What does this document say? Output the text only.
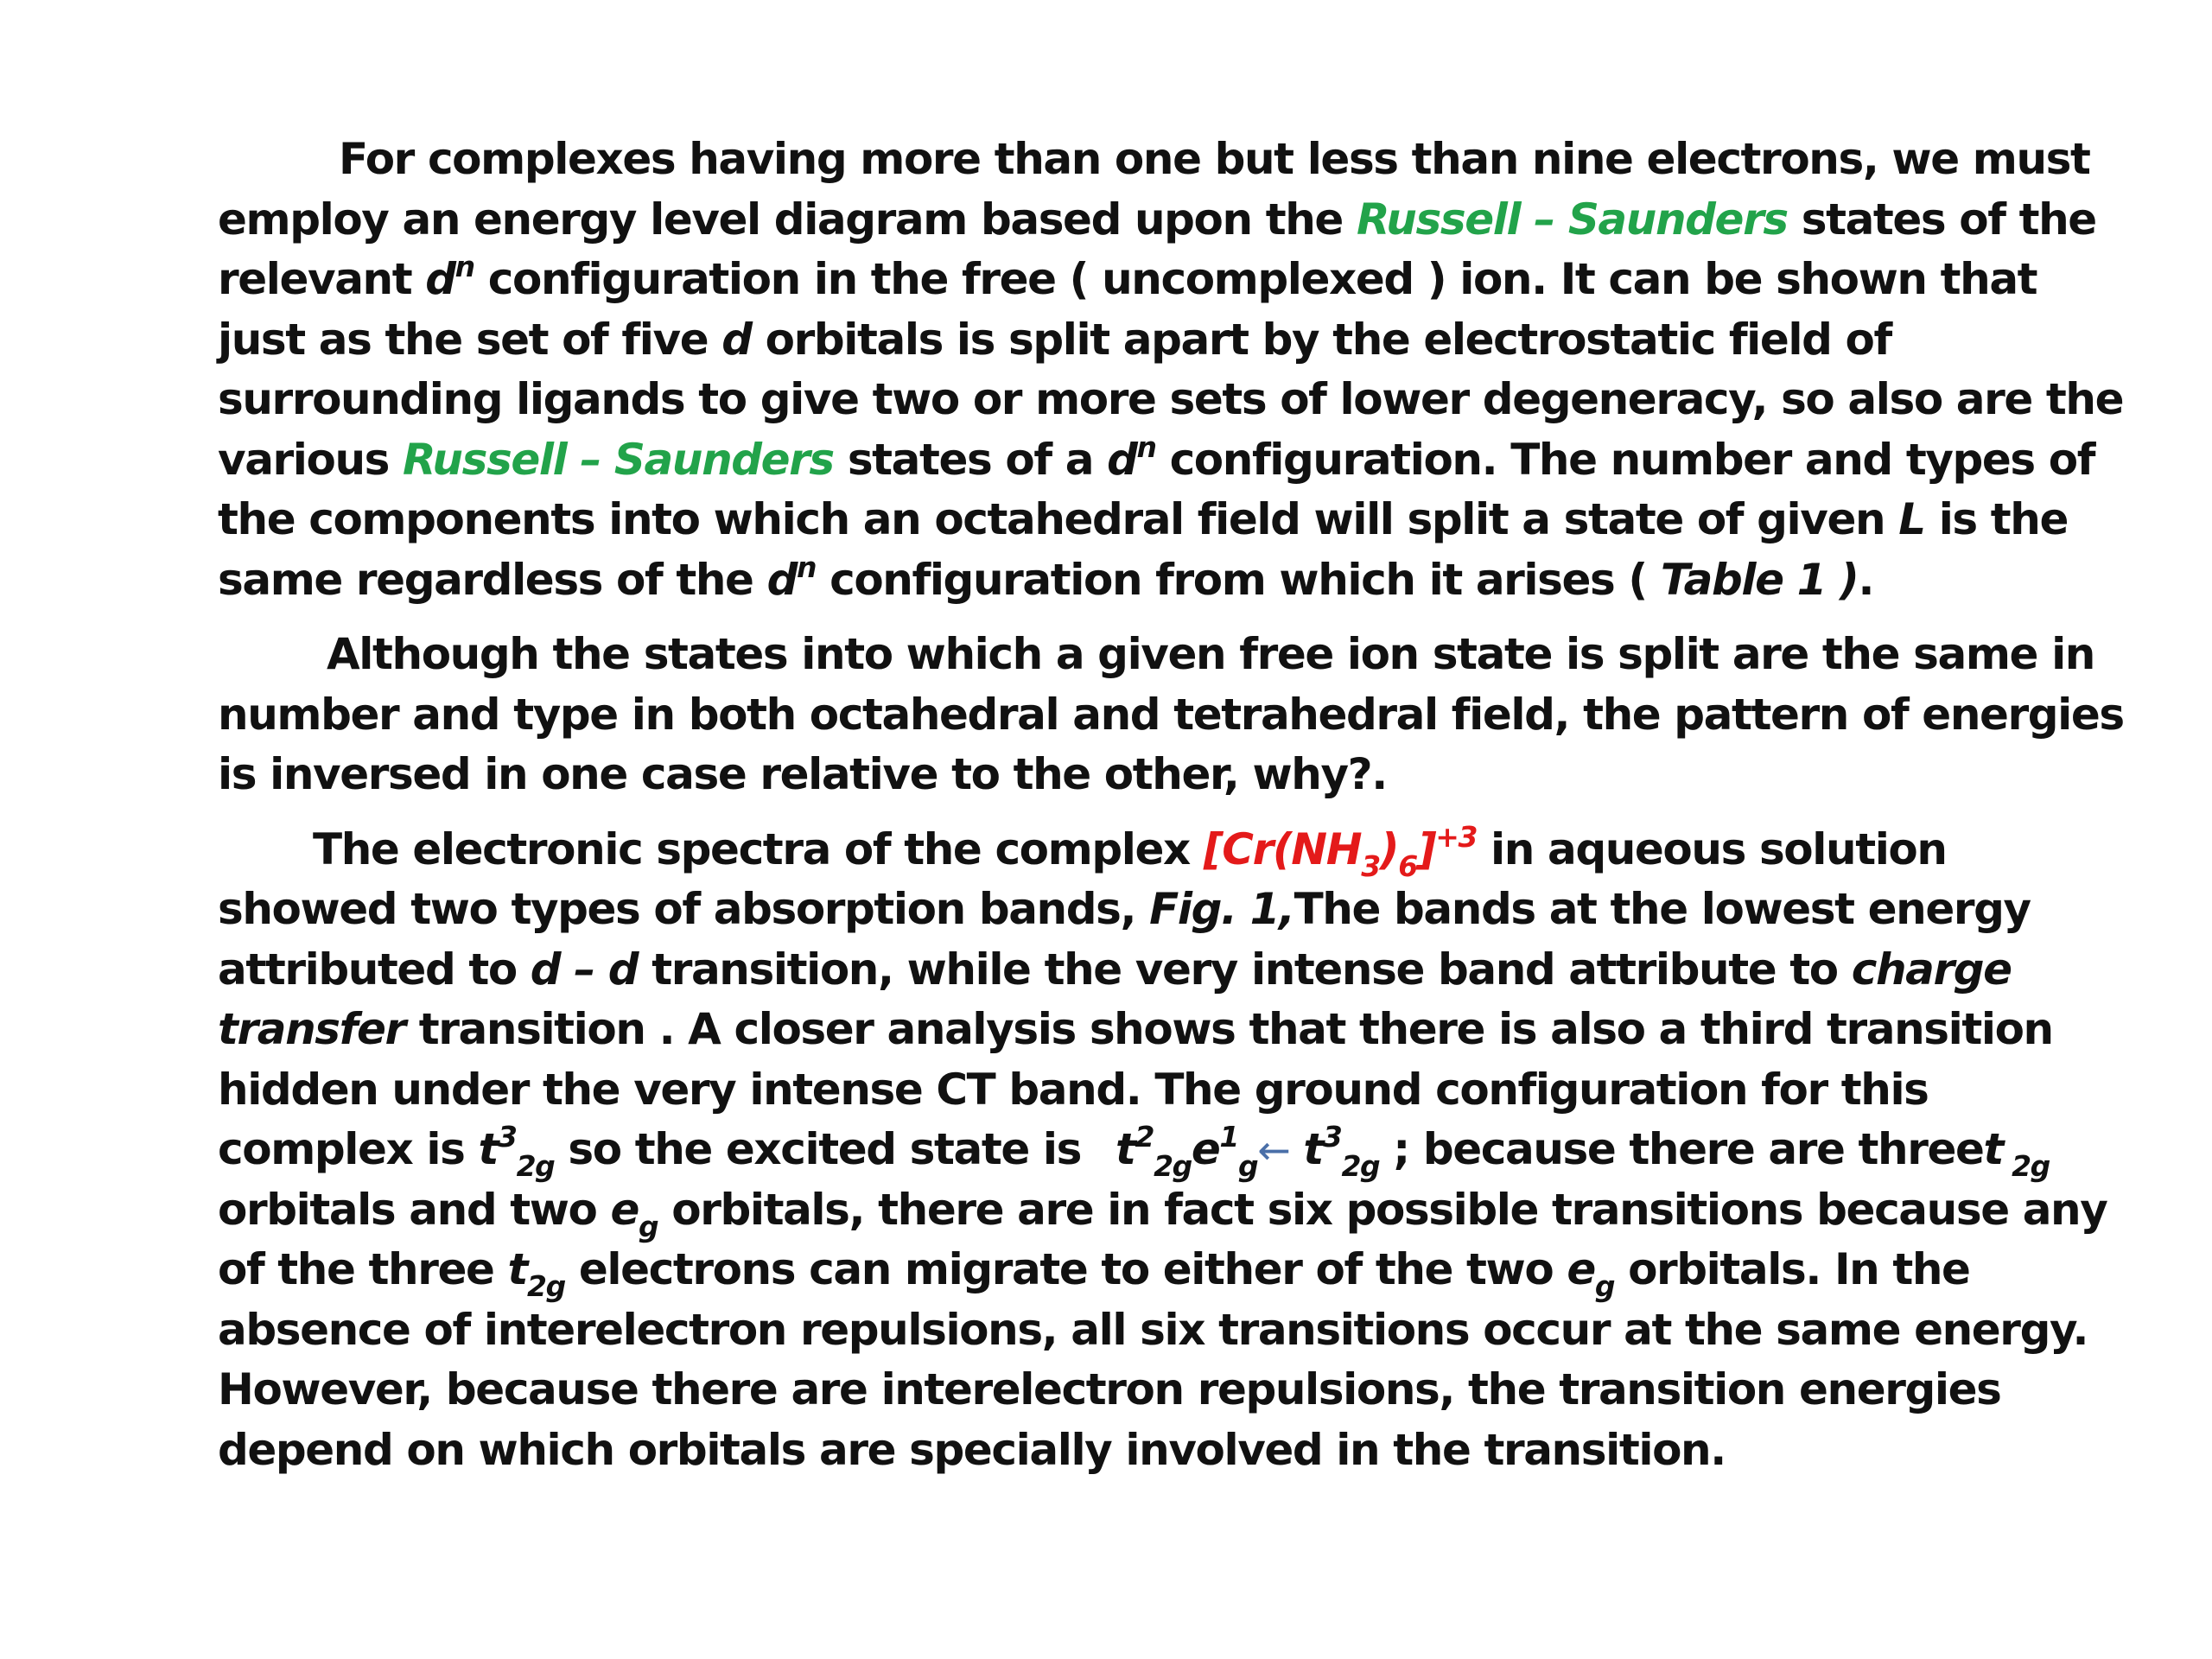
For complexes having more than one but less than nine electrons, we must
employ an energy level diagram based upon the Russell – Saunders states of the
relevant $d^n$ configuration in the free ( uncomplexed ) ion. It can be shown that
just as the set of five d orbitals is split apart by the electrostatic field of
surrounding ligands to give two or more sets of lower degeneracy, so also are the
various Russell – Saunders states of a $d^n$ configuration. The number and types of
the components into which an octahedral field will split a state of given L is the
same regardless of the $d^n$ configuration from which it arises ( Table 1 ).
Although the states into which a given free ion state is split are the same in
number and type in both octahedral and tetrahedral field, the pattern of energies
is inversed in one case relative to the other, why?.
The electronic spectra of the complex $[Cr(NH_3)_6]^{+3}$ in aqueous solution
showed two types of absorption bands, Fig. 1,The bands at the lowest energy
attributed to d – d transition, while the very intense band attribute to charge
transfer transition . A closer analysis shows that there is also a third transition
hidden under the very intense CT band. The ground configuration for this
complex is $t^3_{2g}$ so the excited state is $t^2_{2g}e^1_g\leftarrow$ $t^3_{2g}$ ; because there are threet $_{2g}$
orbitals and two $e_g$ orbitals, there are in fact six possible transitions because any
of the three $t_{2g}$ electrons can migrate to either of the two $e_g$ orbitals. In the
absence of interelectron repulsions, all six transitions occur at the same energy.
However, because there are interelectron repulsions, the transition energies
depend on which orbitals are specially involved in the transition.
